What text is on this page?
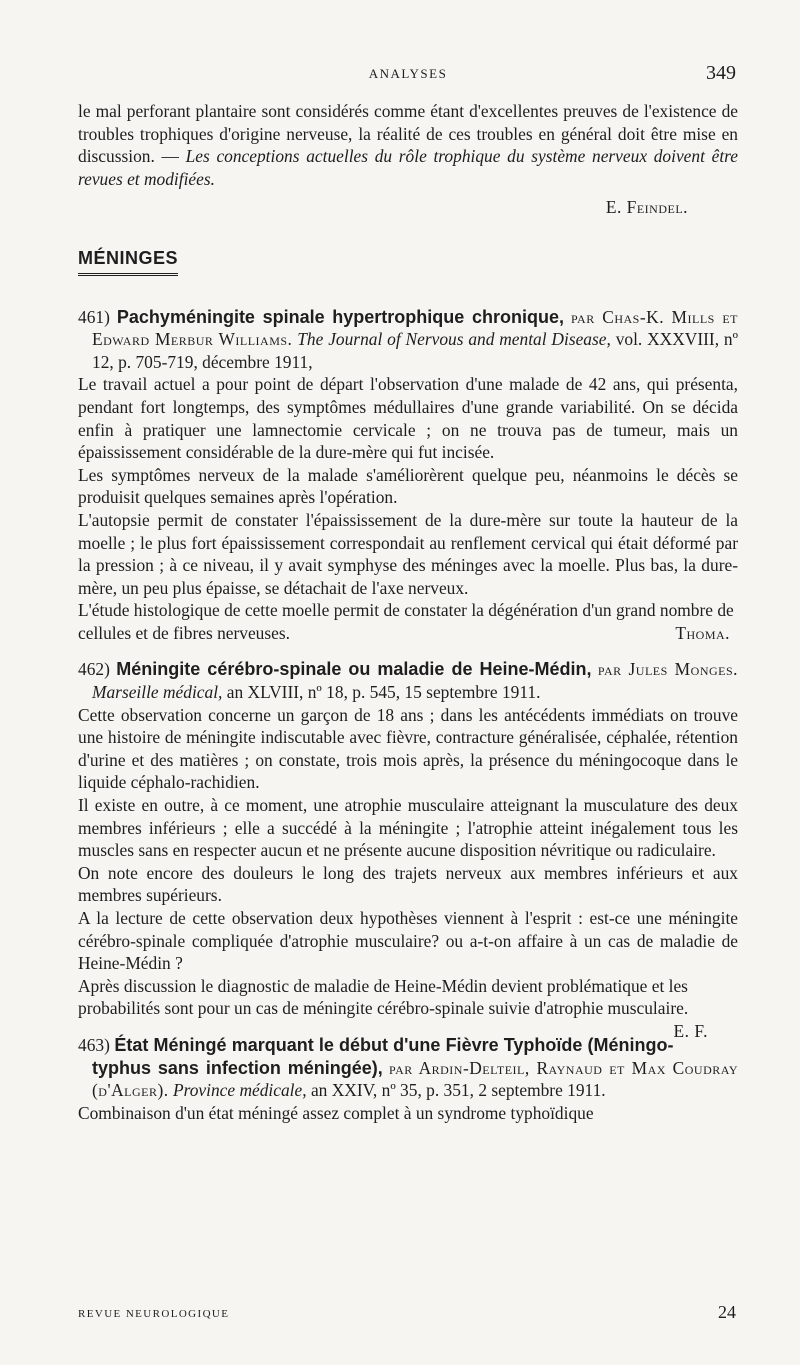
ANALYSES	349

le mal perforant plantaire sont considérés comme étant d'excellentes preuves de l'existence de troubles trophiques d'origine nerveuse, la réalité de ces troubles en général doit être mise en discussion. — Les conceptions actuelles du rôle trophique du système nerveux doivent être revues et modifiées.

E. Feindel.

MÉNINGES

461) Pachyméningite spinale hypertrophique chronique, par Chas-K. Mills et Edward Merbur Williams. The Journal of Nervous and mental Disease, vol. XXXVIII, nº 12, p. 705-719, décembre 1911,

Le travail actuel a pour point de départ l'observation d'une malade de 42 ans, qui présenta, pendant fort longtemps, des symptômes médullaires d'une grande variabilité. On se décida enfin à pratiquer une lamnectomie cervicale ; on ne trouva pas de tumeur, mais un épaississement considérable de la dure-mère qui fut incisée.

Les symptômes nerveux de la malade s'améliorèrent quelque peu, néanmoins le décès se produisit quelques semaines après l'opération.

L'autopsie permit de constater l'épaississement de la dure-mère sur toute la hauteur de la moelle ; le plus fort épaississement correspondait au renflement cervical qui était déformé par la pression ; à ce niveau, il y avait symphyse des méninges avec la moelle. Plus bas, la dure-mère, un peu plus épaisse, se détachait de l'axe nerveux.

L'étude histologique de cette moelle permit de constater la dégénération d'un grand nombre de cellules et de fibres nerveuses.	Thoma.

462) Méningite cérébro-spinale ou maladie de Heine-Médin, par Jules Monges. Marseille médical, an XLVIII, nº 18, p. 545, 15 septembre 1911.

Cette observation concerne un garçon de 18 ans ; dans les antécédents immédiats on trouve une histoire de méningite indiscutable avec fièvre, contracture généralisée, céphalée, rétention d'urine et des matières ; on constate, trois mois après, la présence du méningocoque dans le liquide céphalo-rachidien.

Il existe en outre, à ce moment, une atrophie musculaire atteignant la musculature des deux membres inférieurs ; elle a succédé à la méningite ; l'atrophie atteint inégalement tous les muscles sans en respecter aucun et ne présente aucune disposition névritique ou radiculaire.

On note encore des douleurs le long des trajets nerveux aux membres inférieurs et aux membres supérieurs.

A la lecture de cette observation deux hypothèses viennent à l'esprit : est-ce une méningite cérébro-spinale compliquée d'atrophie musculaire? ou a-t-on affaire à un cas de maladie de Heine-Médin ?

Après discussion le diagnostic de maladie de Heine-Médin devient problématique et les probabilités sont pour un cas de méningite cérébro-spinale suivie d'atrophie musculaire.
E. F.

463) État Méningé marquant le début d'une Fièvre Typhoïde (Méningo-typhus sans infection méningée), par Ardin-Delteil, Raynaud et Max Coudray (d'Alger). Province médicale, an XXIV, nº 35, p. 351, 2 septembre 1911.

Combinaison d'un état méningé assez complet à un syndrome typhoïdique

REVUE NEUROLOGIQUE	24
